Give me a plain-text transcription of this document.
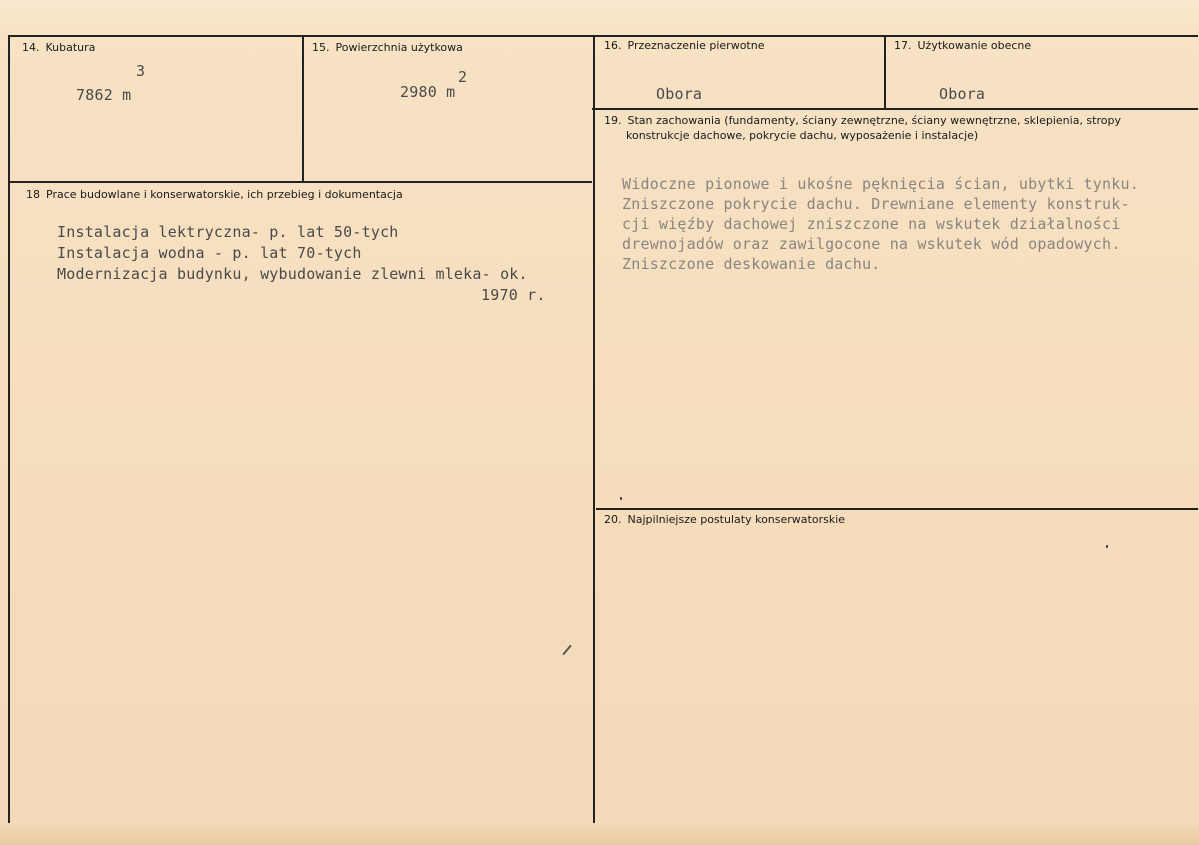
14. Kubatura
3
7862 m
15. Powierzchnia użytkowa
2
2980 m
16. Przeznaczenie pierwotne
Obora
17. Użytkowanie obecne
Obora
18 Prace budowlane i konserwatorskie, ich przebieg i dokumentacja
Instalacja lektryczna- p. lat 50-tych
Instalacja wodna - p. lat 70-tych
Modernizacja budynku, wybudowanie zlewni mleka- ok.
1970 r.
19. Stan zachowania (fundamenty, ściany zewnętrzne, ściany wewnętrzne, sklepienia, stropy
konstrukcje dachowe, pokrycie dachu, wyposażenie i instalacje)
Widoczne pionowe i ukośne pęknięcia ścian, ubytki tynku.
Zniszczone pokrycie dachu. Drewniane elementy konstruk-
cji więźby dachowej zniszczone na wskutek działalności
drewnojadów oraz zawilgocone na wskutek wód opadowych.
Zniszczone deskowanie dachu.
20. Najpilniejsze postulaty konserwatorskie
